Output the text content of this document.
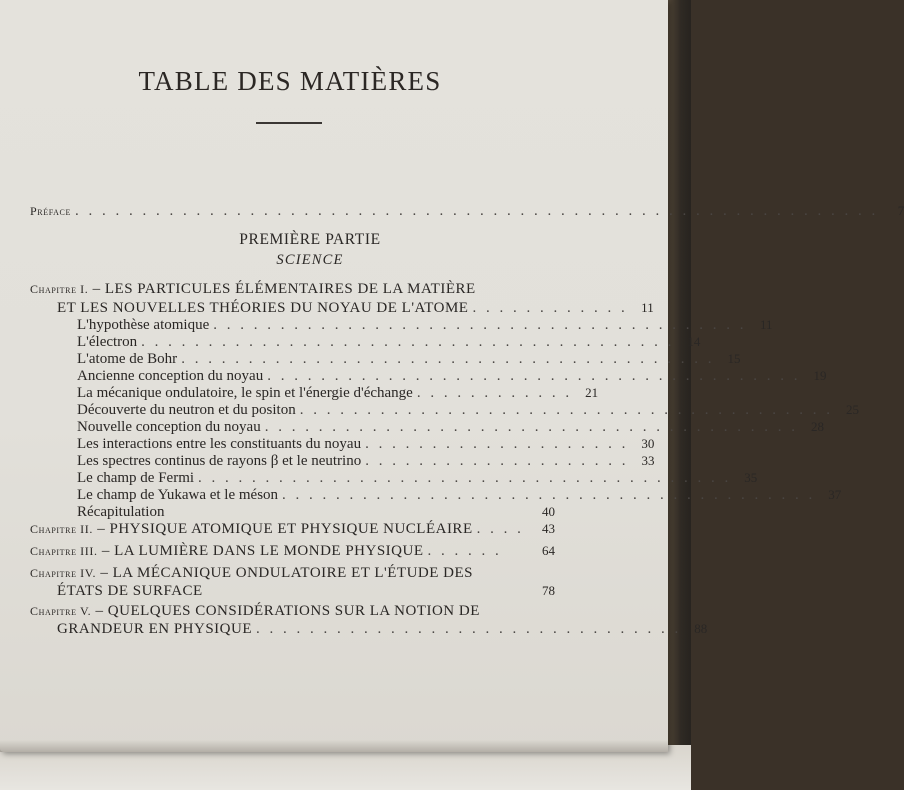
TABLE DES MATIÈRES
Préface . . . . . . . . . . . . . . . . . . . . . . . . . . . . . . . . . . . . . . . . . . . . . . . . . . . . . . . . . . . .	7
PREMIÈRE PARTIE
SCIENCE
Chapitre I. – LES PARTICULES ÉLÉMENTAIRES DE LA MATIÈRE
ET LES NOUVELLES THÉORIES DU NOYAU DE L'ATOME . . . . . . . . . . . .	11
L'hypothèse atomique . . . . . . . . . . . . . . . . . . . . . . . . . . . . . . . . . . . . . . . .	11
L'électron . . . . . . . . . . . . . . . . . . . . . . . . . . . . . . . . . . . . . . . .	14
L'atome de Bohr . . . . . . . . . . . . . . . . . . . . . . . . . . . . . . . . . . . . . . . .	15
Ancienne conception du noyau . . . . . . . . . . . . . . . . . . . . . . . . . . . . . . . . . . . . . . . .	19
La mécanique ondulatoire, le spin et l'énergie d'échange . . . . . . . . . . . .	21
Découverte du neutron et du positon . . . . . . . . . . . . . . . . . . . . . . . . . . . . . . . . . . . . . . . .	25
Nouvelle conception du noyau . . . . . . . . . . . . . . . . . . . . . . . . . . . . . . . . . . . . . . . .	28
Les interactions entre les constituants du noyau . . . . . . . . . . . . . . . . . . . .	30
Les spectres continus de rayons β et le neutrino . . . . . . . . . . . . . . . . . . . .	33
Le champ de Fermi . . . . . . . . . . . . . . . . . . . . . . . . . . . . . . . . . . . . . . . .	35
Le champ de Yukawa et le méson . . . . . . . . . . . . . . . . . . . . . . . . . . . . . . . . . . . . . . . .	37
Récapitulation	40
Chapitre II. – PHYSIQUE ATOMIQUE ET PHYSIQUE NUCLÉAIRE . . . .	43
Chapitre III. – LA LUMIÈRE DANS LE MONDE PHYSIQUE . . . . . .	64
Chapitre IV. – LA MÉCANIQUE ONDULATOIRE ET L'ÉTUDE DES
ÉTATS DE SURFACE	78
Chapitre V. – QUELQUES CONSIDÉRATIONS SUR LA NOTION DE
GRANDEUR EN PHYSIQUE . . . . . . . . . . . . . . . . . . . . . . . . . . . . . . . .	88
